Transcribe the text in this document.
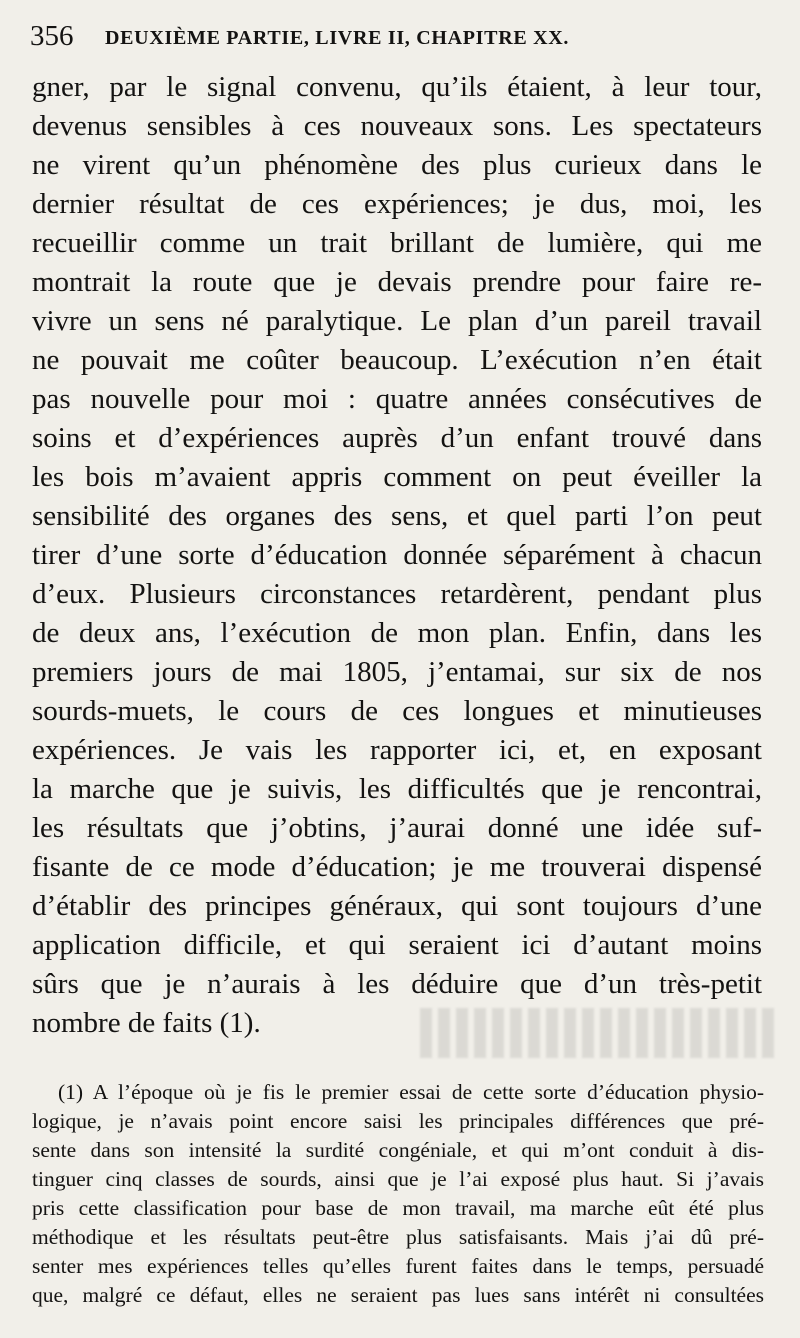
356 DEUXIÈME PARTIE, LIVRE II, CHAPITRE XX.
gner, par le signal convenu, qu’ils étaient, à leur tour,
devenus sensibles à ces nouveaux sons. Les spectateurs
ne virent qu’un phénomène des plus curieux dans le
dernier résultat de ces expériences; je dus, moi, les
recueillir comme un trait brillant de lumière, qui me
montrait la route que je devais prendre pour faire re-
vivre un sens né paralytique. Le plan d’un pareil travail
ne pouvait me coûter beaucoup. L’exécution n’en était
pas nouvelle pour moi : quatre années consécutives de
soins et d’expériences auprès d’un enfant trouvé dans
les bois m’avaient appris comment on peut éveiller la
sensibilité des organes des sens, et quel parti l’on peut
tirer d’une sorte d’éducation donnée séparément à chacun
d’eux. Plusieurs circonstances retardèrent, pendant plus
de deux ans, l’exécution de mon plan. Enfin, dans les
premiers jours de mai 1805, j’entamai, sur six de nos
sourds-muets, le cours de ces longues et minutieuses
expériences. Je vais les rapporter ici, et, en exposant
la marche que je suivis, les difficultés que je rencontrai,
les résultats que j’obtins, j’aurai donné une idée suf-
fisante de ce mode d’éducation; je me trouverai dispensé
d’établir des principes généraux, qui sont toujours d’une
application difficile, et qui seraient ici d’autant moins
sûrs que je n’aurais à les déduire que d’un très-petit
nombre de faits (1).
(1) A l’époque où je fis le premier essai de cette sorte d’éducation physio-
logique, je n’avais point encore saisi les principales différences que pré-
sente dans son intensité la surdité congéniale, et qui m’ont conduit à dis-
tinguer cinq classes de sourds, ainsi que je l’ai exposé plus haut. Si j’avais
pris cette classification pour base de mon travail, ma marche eût été plus
méthodique et les résultats peut-être plus satisfaisants. Mais j’ai dû pré-
senter mes expériences telles qu’elles furent faites dans le temps, persuadé
que, malgré ce défaut, elles ne seraient pas lues sans intérêt ni consultées
